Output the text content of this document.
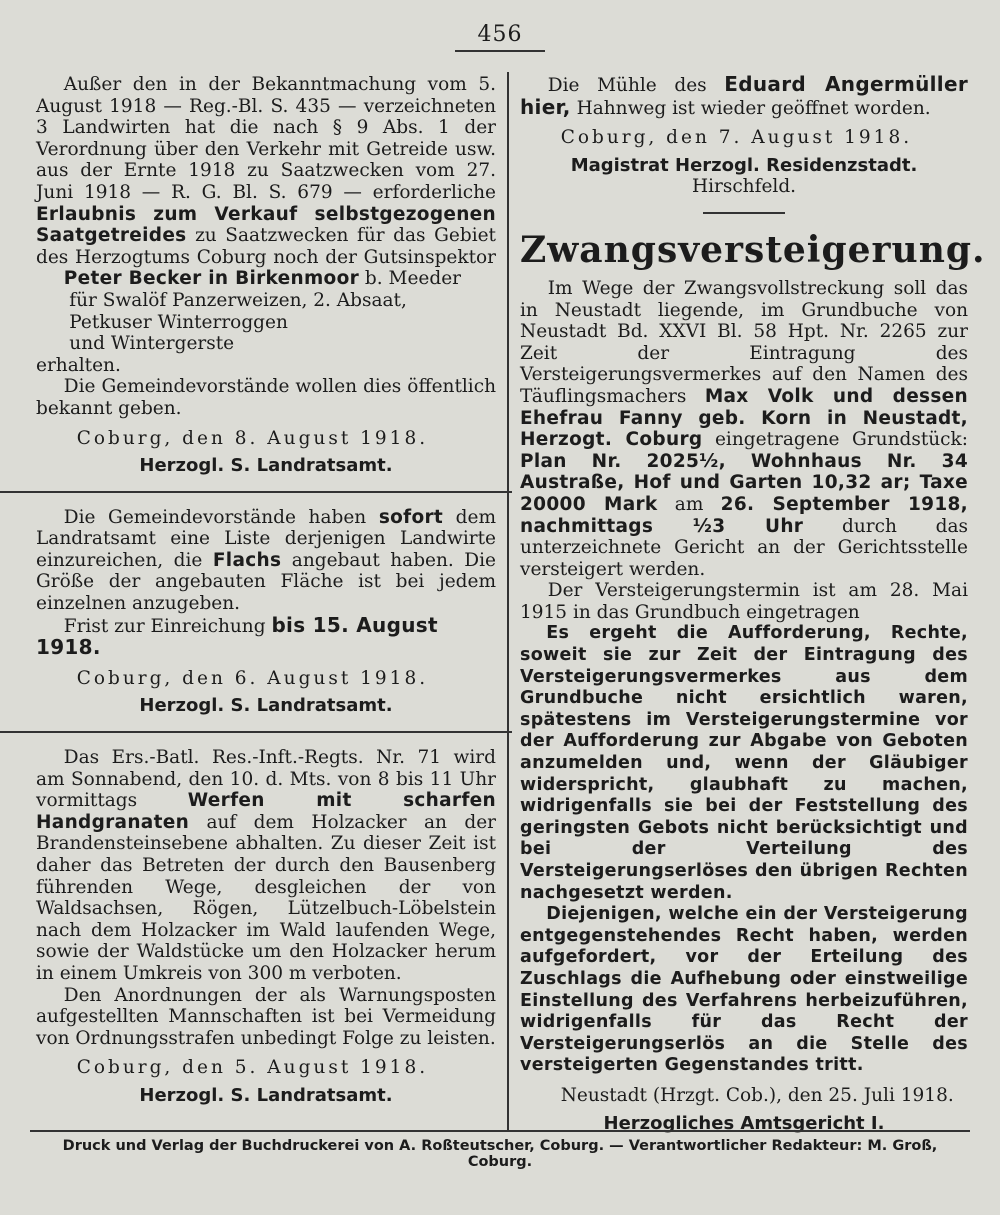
456

Außer den in der Bekanntmachung vom 5. August 1918 — Reg.-Bl. S. 435 — verzeichneten 3 Landwirten hat die nach § 9 Abs. 1 der Verordnung über den Verkehr mit Getreide usw. aus der Ernte 1918 zu Saatzwecken vom 27. Juni 1918 — R. G. Bl. S. 679 — erforderliche Erlaubnis zum Verkauf selbstgezogenen Saatgetreides zu Saatzwecken für das Gebiet des Herzogtums Coburg noch der Gutsinspektor Peter Becker in Birkenmoor b. Meeder

für Swalöf Panzerweizen, 2. Absaat,

Petkuser Winterroggen

und Wintergerste

erhalten.

Die Gemeindevorstände wollen dies öffentlich bekannt geben.

Coburg, den 8. August 1918.

Herzogl. S. Landratsamt.

Die Gemeindevorstände haben sofort dem Landratsamt eine Liste derjenigen Landwirte einzureichen, die Flachs angebaut haben. Die Größe der angebauten Fläche ist bei jedem einzelnen anzugeben.

Frist zur Einreichung bis 15. August 1918.

Coburg, den 6. August 1918.

Herzogl. S. Landratsamt.

Das Ers.-Batl. Res.-Inft.-Regts. Nr. 71 wird am Sonnabend, den 10. d. Mts. von 8 bis 11 Uhr vormittags	Werfen mit scharfen Handgranaten auf dem Holzacker an der Brandensteinsebene abhalten. Zu dieser Zeit ist daher das Betreten der durch den Bausenberg führenden Wege, desgleichen der von Waldsachsen, Rögen, Lützelbuch-Löbelstein nach dem Holzacker im Wald laufenden Wege, sowie der Waldstücke um den Holzacker herum in einem Umkreis von 300 m verboten.

Den Anordnungen der als Warnungsposten aufgestellten Mannschaften ist bei Vermeidung von Ordnungsstrafen unbedingt Folge zu leisten.

Coburg, den 5. August 1918.

Herzogl. S. Landratsamt.

Die Mühle des Eduard Angermüller hier, Hahnweg ist wieder geöffnet worden.

Coburg, den 7. August 1918.

Magistrat Herzogl. Residenzstadt.

Hirschfeld.

Zwangsversteigerung.

Im Wege der Zwangsvollstreckung soll das in Neustadt liegende, im Grundbuche von Neustadt Bd. XXVI Bl. 58 Hpt. Nr. 2265 zur Zeit der Eintragung des Versteigerungsvermerkes auf den Namen des Täuflingsmachers Max Volk und dessen Ehefrau Fanny geb. Korn in Neustadt, Herzogt. Coburg eingetragene Grundstück: Plan Nr. 2025½, Wohnhaus Nr. 34 Austraße, Hof und Garten 10,32 ar; Taxe 20000 Mark am 26. September 1918, nachmittags ½3 Uhr durch das unterzeichnete Gericht an der Gerichtsstelle versteigert werden.

Der Versteigerungstermin ist am 28. Mai 1915 in das Grundbuch eingetragen

Es ergeht die Aufforderung, Rechte, soweit sie zur Zeit der Eintragung des Versteigerungsvermerkes aus dem Grundbuche nicht ersichtlich waren, spätestens im Versteigerungstermine vor der Aufforderung zur Abgabe von Geboten anzumelden und, wenn der Gläubiger widerspricht, glaubhaft zu machen, widrigenfalls sie bei der Feststellung des geringsten Gebots nicht berücksichtigt und bei der Verteilung des Versteigerungserlöses den übrigen Rechten nachgesetzt werden.

Diejenigen, welche ein der Versteigerung entgegenstehendes Recht haben, werden aufgefordert, vor der Erteilung des Zuschlags die Aufhebung oder einstweilige Einstellung des Verfahrens herbeizuführen, widrigenfalls für das Recht der Versteigerungserlös an die Stelle des versteigerten Gegenstandes tritt.

Neustadt (Hrzgt. Cob.), den 25. Juli 1918.

Herzogliches Amtsgericht I.

Druck und Verlag der Buchdruckerei von A. Roßteutscher, Coburg. — Verantwortlicher Redakteur: M. Groß, Coburg.
